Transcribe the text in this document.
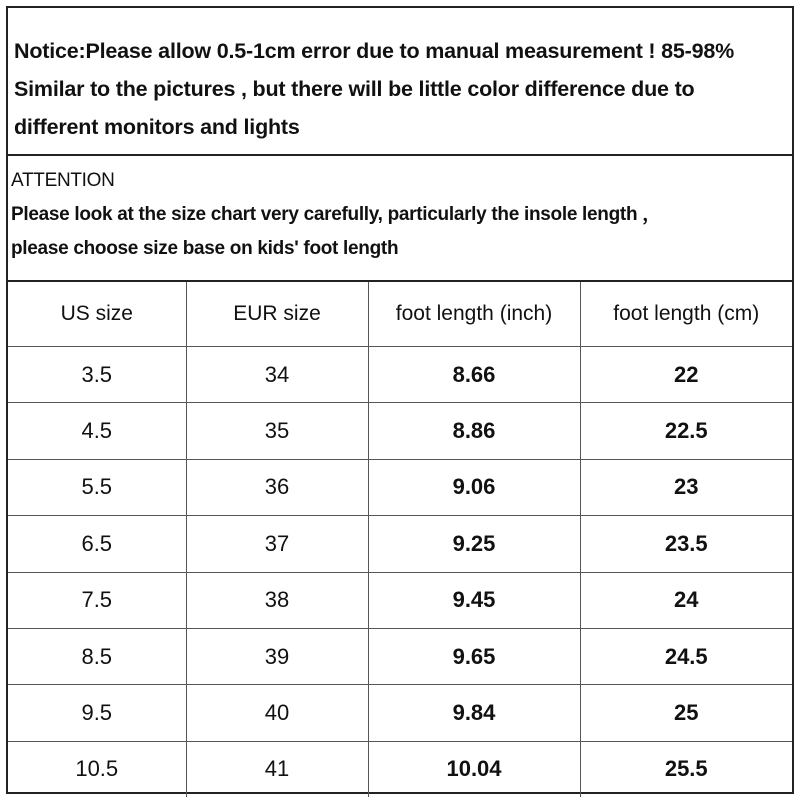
Notice:Please allow 0.5-1cm error due to manual measurement ! 85-98%
Similar to the pictures , but there will be little color difference due to
different monitors and lights
ATTENTION
Please look at the size chart very carefully, particularly the insole length ，
please choose size base on kids' foot length
US size	EUR size	foot length (inch)	foot length (cm)
3.5	34	8.66	22
4.5	35	8.86	22.5
5.5	36	9.06	23
6.5	37	9.25	23.5
7.5	38	9.45	24
8.5	39	9.65	24.5
9.5	40	9.84	25
10.5	41	10.04	25.5
